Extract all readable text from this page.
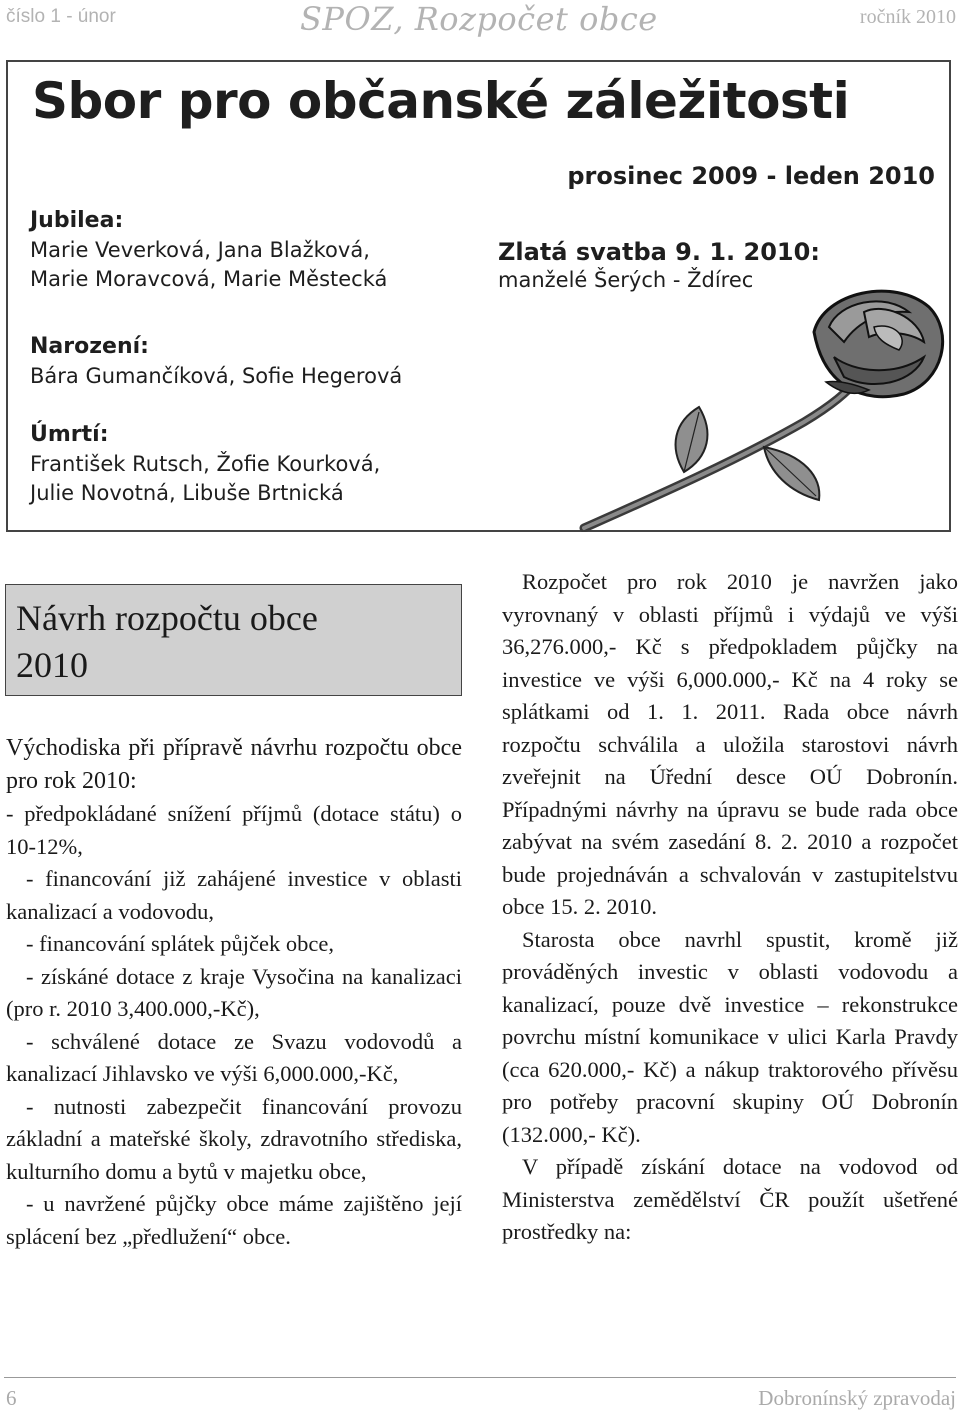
číslo 1 - únor	SPOZ, Rozpočet obce	ročník 2010
Sbor pro občanské záležitosti
prosinec 2009 - leden 2010
Jubilea:
Marie Veverková, Jana Blažková,
Marie Moravcová, Marie Městecká
Zlatá svatba 9. 1. 2010:
manželé Šerých - Ždírec
Narození:
Bára Gumančíková, Sofie Hegerová
Úmrtí:
František Rutsch, Žofie Kourková,
Julie Novotná, Libuše Brtnická
Návrh rozpočtu obce
2010

Východiska při přípravě návrhu rozpočtu obce pro rok 2010:

- předpokládané snížení příjmů (dotace státu) o 10-12%,

- financování již zahájené investice v oblasti kanalizací a vodovodu,

- financování splátek půjček obce,

- získáné dotace z kraje Vysočina na kanalizaci (pro r. 2010 3,400.000,-Kč),

- schválené dotace ze Svazu vodovodů a kanalizací Jihlavsko ve výši 6,000.000,-Kč,

- nutnosti zabezpečit financování provozu základní a mateřské školy, zdravotního střediska, kulturního domu a bytů v majetku obce,

- u navržené půjčky obce máme zajištěno její splácení bez „předlužení“ obce.

Rozpočet pro rok 2010 je navržen jako vyrovnaný v oblasti příjmů i výdajů ve výši 36,276.000,- Kč s předpokladem půjčky na investice ve výši 6,000.000,- Kč na 4 roky se splátkami od 1. 1. 2011. Rada obce návrh rozpočtu schválila a uložila starostovi návrh zveřejnit na Úřední desce OÚ Dobronín. Případnými návrhy na úpravu se bude rada obce zabývat na svém zasedání 8. 2. 2010 a rozpočet bude projednáván a schvalován v zastupitelstvu obce 15. 2. 2010.

Starosta obce navrhl spustit, kromě již prováděných investic v oblasti vodovodu a kanalizací, pouze dvě investice – rekonstrukce povrchu místní komunikace v ulici Karla Pravdy (cca 620.000,- Kč) a nákup traktorového přívěsu pro potřeby pracovní skupiny OÚ Dobronín (132.000,- Kč).

V případě získání dotace na vodovod od Ministerstva zemědělství ČR použít ušetřené prostředky na:

6	Dobronínský zpravodaj
